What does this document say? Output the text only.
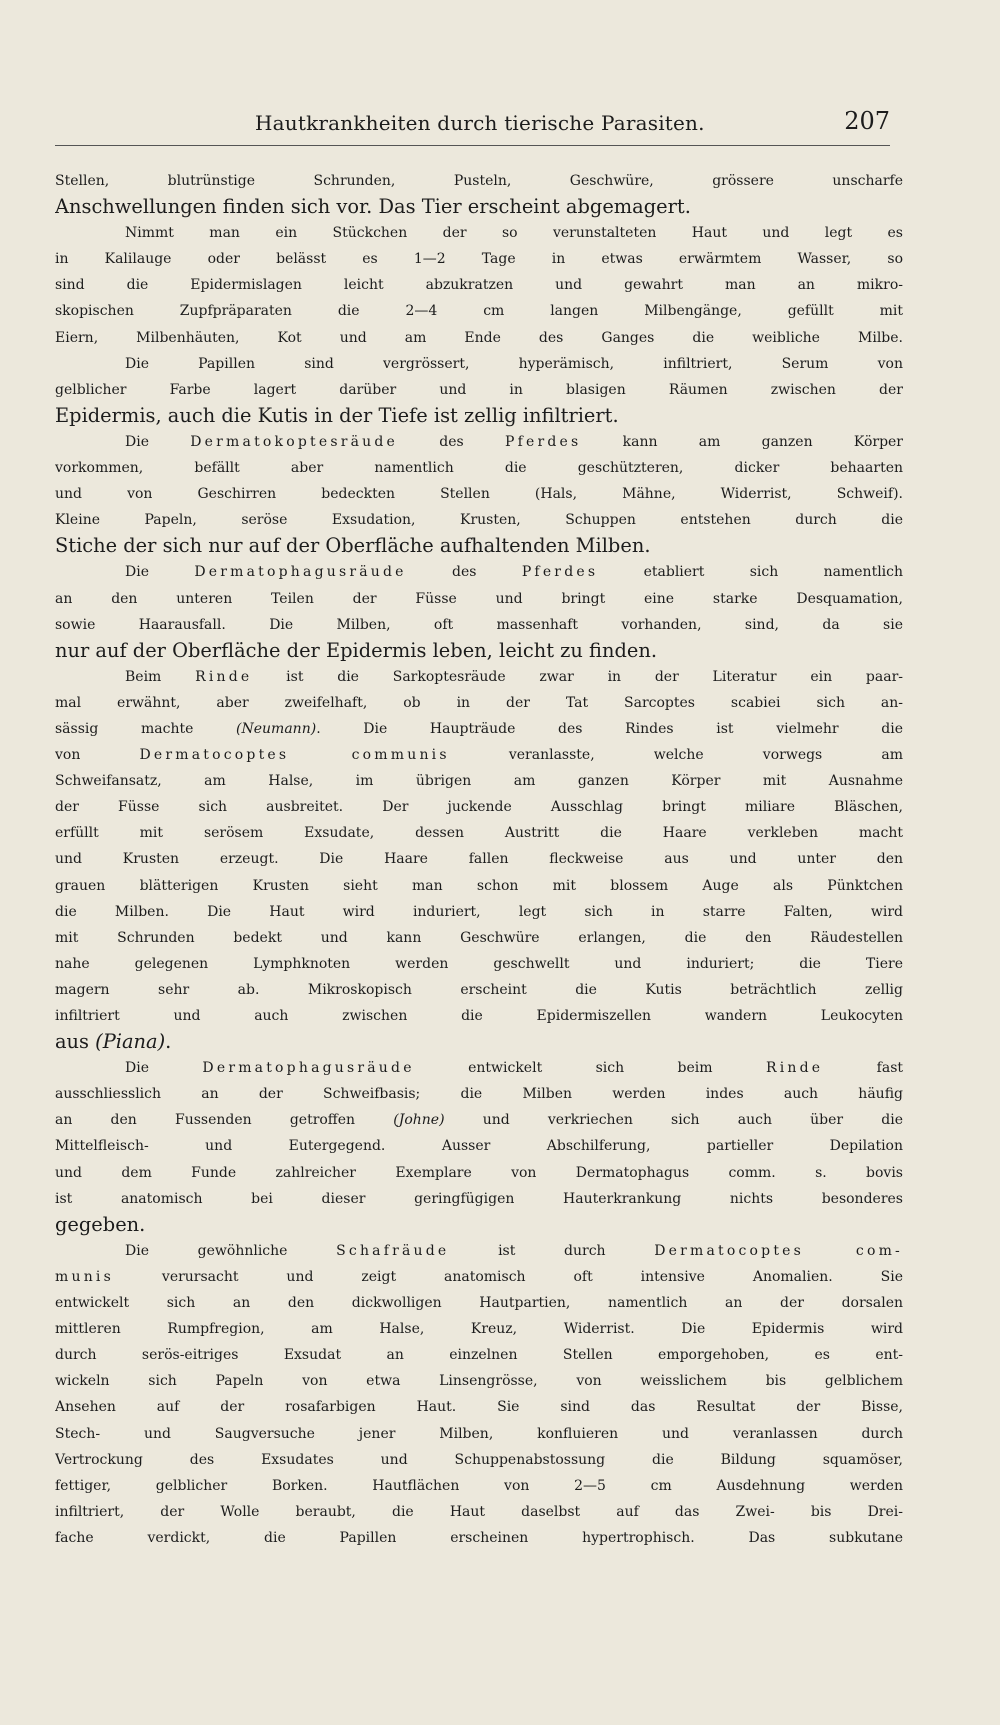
Hautkrankheiten durch tierische Parasiten.	207
Stellen, blutrünstige Schrunden, Pusteln, Geschwüre, grössere unscharfe
Anschwellungen finden sich vor. Das Tier erscheint abgemagert.
Nimmt man ein Stückchen der so verunstalteten Haut und legt es
in Kalilauge oder belässt es 1—2 Tage in etwas erwärmtem Wasser, so
sind die Epidermislagen leicht abzukratzen und gewahrt man an mikro-
skopischen Zupfpräparaten die 2—4 cm langen Milbengänge, gefüllt mit
Eiern, Milbenhäuten, Kot und am Ende des Ganges die weibliche Milbe.
Die Papillen sind vergrössert, hyperämisch, infiltriert, Serum von
gelblicher Farbe lagert darüber und in blasigen Räumen zwischen der
Epidermis, auch die Kutis in der Tiefe ist zellig infiltriert.
Die Dermatokoptesräude des Pferdes kann am ganzen Körper
vorkommen, befällt aber namentlich die geschützteren, dicker behaarten
und von Geschirren bedeckten Stellen (Hals, Mähne, Widerrist, Schweif).
Kleine Papeln, seröse Exsudation, Krusten, Schuppen entstehen durch die
Stiche der sich nur auf der Oberfläche aufhaltenden Milben.
Die Dermatophagusräude des Pferdes etabliert sich namentlich
an den unteren Teilen der Füsse und bringt eine starke Desquamation,
sowie Haarausfall. Die Milben, oft massenhaft vorhanden, sind, da sie
nur auf der Oberfläche der Epidermis leben, leicht zu finden.
Beim Rinde ist die Sarkoptesräude zwar in der Literatur ein paar-
mal erwähnt, aber zweifelhaft, ob in der Tat Sarcoptes scabiei sich an-
sässig machte (Neumann). Die Haupträude des Rindes ist vielmehr die
von Dermatocoptes communis veranlasste, welche vorwegs am
Schweifansatz, am Halse, im übrigen am ganzen Körper mit Ausnahme
der Füsse sich ausbreitet. Der juckende Ausschlag bringt miliare Bläschen,
erfüllt mit serösem Exsudate, dessen Austritt die Haare verkleben macht
und Krusten erzeugt. Die Haare fallen fleckweise aus und unter den
grauen blätterigen Krusten sieht man schon mit blossem Auge als Pünktchen
die Milben. Die Haut wird induriert, legt sich in starre Falten, wird
mit Schrunden bedekt und kann Geschwüre erlangen, die den Räudestellen
nahe gelegenen Lymphknoten werden geschwellt und induriert; die Tiere
magern sehr ab. Mikroskopisch erscheint die Kutis beträchtlich zellig
infiltriert und auch zwischen die Epidermiszellen wandern Leukocyten
aus (Piana).
Die Dermatophagusräude entwickelt sich beim Rinde fast
ausschliesslich an der Schweifbasis; die Milben werden indes auch häufig
an den Fussenden getroffen (Johne) und verkriechen sich auch über die
Mittelfleisch- und Eutergegend. Ausser Abschilferung, partieller Depilation
und dem Funde zahlreicher Exemplare von Dermatophagus comm. s. bovis
ist anatomisch bei dieser geringfügigen Hauterkrankung nichts besonderes
gegeben.
Die gewöhnliche Schafräude ist durch Dermatocoptes com-
munis verursacht und zeigt anatomisch oft intensive Anomalien. Sie
entwickelt sich an den dickwolligen Hautpartien, namentlich an der dorsalen
mittleren Rumpfregion, am Halse, Kreuz, Widerrist. Die Epidermis wird
durch serös-eitriges Exsudat an einzelnen Stellen emporgehoben, es ent-
wickeln sich Papeln von etwa Linsengrösse, von weisslichem bis gelblichem
Ansehen auf der rosafarbigen Haut. Sie sind das Resultat der Bisse,
Stech- und Saugversuche jener Milben, konfluieren und veranlassen durch
Vertrockung des Exsudates und Schuppenabstossung die Bildung squamöser,
fettiger, gelblicher Borken. Hautflächen von 2—5 cm Ausdehnung werden
infiltriert, der Wolle beraubt, die Haut daselbst auf das Zwei- bis Drei-
fache verdickt, die Papillen erscheinen hypertrophisch. Das subkutane
